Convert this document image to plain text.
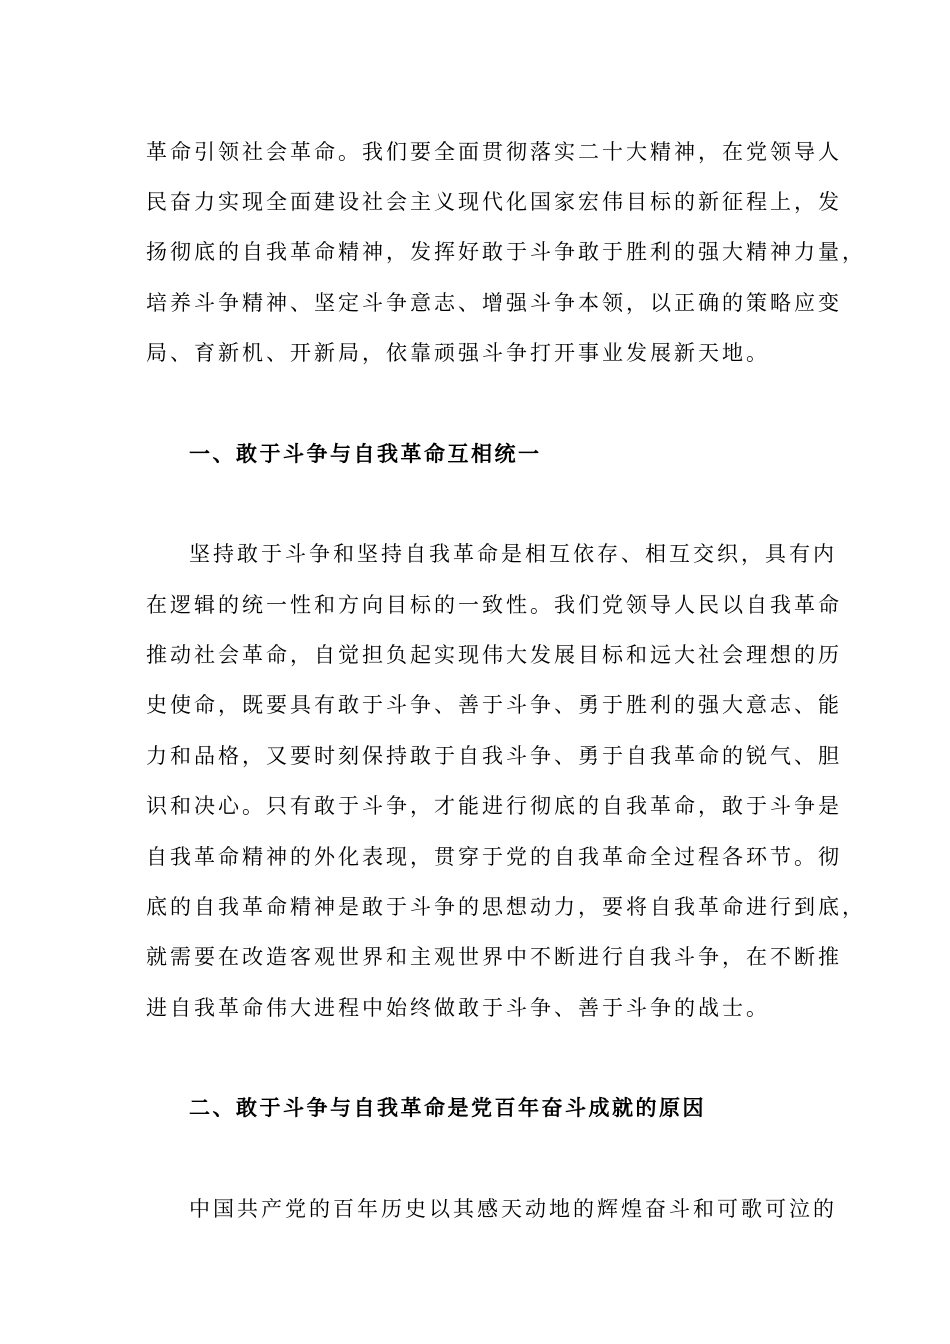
革命引领社会革命。我们要全面贯彻落实二十大精神，在党领导人
民奋力实现全面建设社会主义现代化国家宏伟目标的新征程上，发
扬彻底的自我革命精神，发挥好敢于斗争敢于胜利的强大精神力量，
培养斗争精神、坚定斗争意志、增强斗争本领，以正确的策略应变
局、育新机、开新局，依靠顽强斗争打开事业发展新天地。
一、敢于斗争与自我革命互相统一
坚持敢于斗争和坚持自我革命是相互依存、相互交织，具有内
在逻辑的统一性和方向目标的一致性。我们党领导人民以自我革命
推动社会革命，自觉担负起实现伟大发展目标和远大社会理想的历
史使命，既要具有敢于斗争、善于斗争、勇于胜利的强大意志、能
力和品格，又要时刻保持敢于自我斗争、勇于自我革命的锐气、胆
识和决心。只有敢于斗争，才能进行彻底的自我革命，敢于斗争是
自我革命精神的外化表现，贯穿于党的自我革命全过程各环节。彻
底的自我革命精神是敢于斗争的思想动力，要将自我革命进行到底，
就需要在改造客观世界和主观世界中不断进行自我斗争，在不断推
进自我革命伟大进程中始终做敢于斗争、善于斗争的战士。
二、敢于斗争与自我革命是党百年奋斗成就的原因
中国共产党的百年历史以其感天动地的辉煌奋斗和可歌可泣的
